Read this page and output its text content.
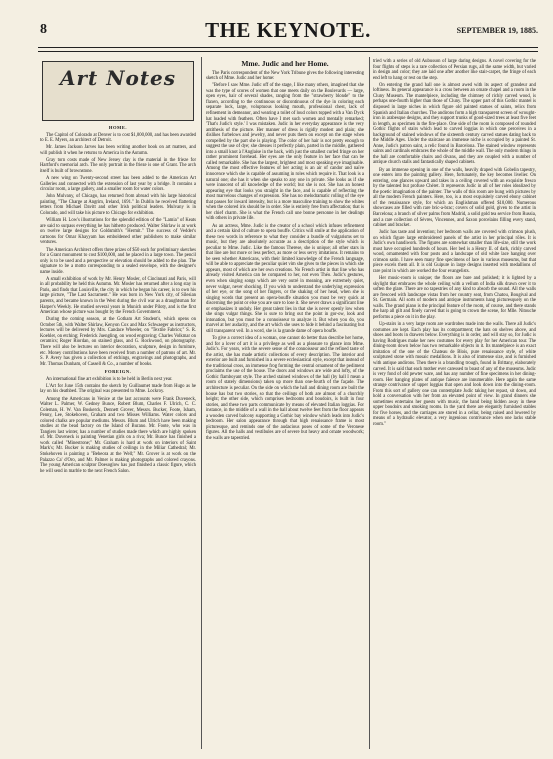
8	THE KEYNOTE.	SEPTEMBER 19, 1885.
Art Notes
HOME.

The Capitol of Colorado at Denver is to cost $1,000,000, and has been awarded to E. E. Myers, an architect of Detroit.

Mr. James Jackson Jarves has been writing another book on art matters, and will publish it when he returns to America in the Autumn.

Gray torn costs made of New Jersey clay is the material in the frieze for Hartford's memorial arch. The only portrait in the frieze is one of Grant. The arch itself is built of brownstone.

A new wing on Twenty-second street has been added to the American Art Galleries and connected with the extension of last year by a bridge. It contains a circular room, a large gallery, and a smaller room for water colors.

John Mulvany, of Chicago, has returned from abroad with his large historical painting, "The Charge at Angrim, Ireland, 1691." In Dublin he received flattering letters from Michael Davitt and other Irish political leaders. Mulvany is in Colorado, and will take his picture to Chicago for exhibition.

William H. Low's illustrations for the splendid edition of the "Lamia" of Keats are said to surpass everything he has hitherto produced. Walter Shirlaw is at work on twelve large designs for Goldsmith's "Hermit." The success of Vedder's cartoons for Omar Khayyam has emboldened other publishers to make similar ventures.

The American Architect offers three prizes of $50 each for preliminary sketches for a Grant monument to cost $100,000, and he placed in a large town. The pencil only is to be used and a perspective or elevation should be added to the plan. The signature to be a motto corresponding to a sealed envelope, with the designer's name inside.

A small exhibition of work by Mr. Henry Mosler, of Cincinnati and Paris, will in all probability be held this Autumn. Mr. Mosler has returned after a long stay in Paris, and finds that Louisville, the city in which he began his career, is to own his large picture, "The Last Sacrament." He was born in New York city, of Silesian parents, and became known in the West during the civil war as a draughtsman for Harper's Weekly. He studied several years in Munich under Piloty, and is the first American whose picture was bought by the French Government.

During the coming season, at the Gotham Art Student's, which opens on October 5th, with Walter Shirlaw, Kenyon Cox and Max Schwaeger as instructors, lectures will be delivered by Mrs. Candace Wheeler, on "Textile Fabrics;" S. R. Koehler, on etching; Frederick Juengling, on wood engraving; Charles Volkmar on ceramics; Roger Riordan, on stained glass, and G. Rockwood, on photography. There will also be lectures on interior decoration, sculpture, design in furniture, etc. Money contributions have been received from a number of patrons of art. Mr. S. P. Avery has given a collection of etchings, engravings and photographs, and Mr. Thomas Dunham, of Cassell & Co., a number of books.

FOREIGN.

An international fine art exhibition is to be held in Berlin next year.

L'Art for June 15th contains the sketch by Guillaumet made from Hugo as he lay on his deathbed. The original was presented to Mme. Lockroy.

Among the Americans in Venice at the last accounts were Frank Duveneck, Walter L. Palmer, W. Gedney Bunce, Robert Blum, Charles F. Ulrich, C. C. Coleman, H. W. Van Boskerck, Dennett Grover, Messrs. Bucker, Foote, Isham, Penny, Lee, Stokehoven, Graham and two Misses Williams. Water colors and colored chalks are popular mediums. Messrs. Blum and Ulrich have been making studies at the bead factory on the Island of Burano. Mr. Foote, who was in Tangiers last winter, has a number of studies made there which are highly spoken of. Mr. Duveneck is painting Venetian girls on a riva; Mr. Bunce has finished a work called "Minestrone;" Mr. Graham is hard at work on interiors of Saint Mark's; Mr. Bucker is making studies of ceilings in the Miliar Cathedral; Mr. Stokehoven is painting a "Beheora at the Well;" Mr. Grover is at work on the Palazzo Ca' d'Oro, and Mr. Palmer is making photographs and colored crayons. The young American sculptor Doesoglow has just finished a classic figure, which he will send in marble to the next French Salon.

Mme. Judic and her Home.

The Paris correspondent of the New York Tribune gives the following interesting sketch of Mme. Judic and her home:

"Before I saw Mme. Judic off of the stage, I like many others, imagined that she was the type of scores of women that one meets daily on the Boulevards — large, open eyes, hair of several shades, ranging from the "strawberry blonde" to the flaxen, according to the continuous or discontinuous of the dye in coloring each separate lock, large, voluptuous looking mouth, professional chest, lack of refinement in demeanor, and wearing a toilet of loud colors topped with a Van Dyck hat loaded with feathers. Often have I met such women and mentally remarked; 'That's Judic's style.' I was mistaken. Judic in her everyday appearance is the very antithesis of the picture. Her manner of dress is rigidly modest and plain; she dislikes furbelows and jewelry, and never puts them on except on the stage when compelled by the part she is playing. The color of her hair is not pretty enough to suggest the use of dye; she dresses it perfectly plain, parted in the middle, gathered into a small knot à l'Anglaise in the back, with just the smallest curled fringe on her rather prominent forehead. Her eyes are the only feature in her face that can be called remarkable. She has the largest, brightest and most speaking eye imaginable. Among the most effective features of her acting is an air of candor and naïve innocence which she is capable of assuming in roles which require it. That look is a natural one; she has it when she speaks to any one in private. She looks as if she were innocent of all knowledge of the world; but she is not. She has an honest appearing eye that looks you straight in the face, and is capable of reflecting the most marvelous changes of expression. She has no melodramatic rolling of the eye that passes for inward intensity, but is a more masculine training to show the whites when the colored iris should be in order. She is entirely free from affectation; that is her chief charm. She is what the French call une bonne personne in her dealings with others in private life.

As an actress, Mme. Judic is the creator of a school which infuses refinement and a certain kind of culture to opera bouffe. Critics will smile at the application of these two words in reference to what they consider a bundle of vulgarisms set to music, but they are absolutely accurate as a description of the style which is peculiar to Mme. Judic. Like the famous Therese, she is unique; all other stars in that line are but more or less perfect, as more or less servy imitations. It remains to be seen whether Americans, with their limited knowledge of the French language, will be able to appreciate the peculiar quiet vim she gives to the pieces in which she appears, most of which are her own creations. No French artist in that line who has already visited America can be compared to her, not even Théo. Judic's gestures, even when singing songs which are very outré in meaning, are extremely quiet, never vulgar, never shocking. If you wish to understand the underlying expression of her eye, or the song of her fingers, or the shaking of her head, when she is singing words that present an opera-bouffe situation you must be very quick at discerning the point or else you are sure to lose it. She never draws a significant line or emphasizes it unduly. Her great talent lies in that she is never openly low when she sings vulgar things. She is sure to bring out the point in gor-ow, look and intonation, but you must be a connoisseur to analyze it. But when you do, you marvel at her audacity, and the art which she uses to hide it behind a fascinating but still transparent veil. In a word, she is la grande dame of opera bouffe.

To give a correct idea of a woman, one cannot do better than describe her home, and for a lover of art it is a privilege as well as a pleasure to glance into Mme. Judic's. For years, with the severe sense of the connoisseur and the refined taste of the artist, she has made artistic collections of every description. The interior and exterior are built and furnished in a severe ecclesiastical style, except that instead of the traditional cross, an immense frog forming the central ornament of the pediment proclaims the use of the house. The doors and windows are wide and lofty, of the Gothic flamboyant style. The arched stained windows of the hall (by hall I mean a room of stately dimensions) taken up more than one-fourth of the façade. The architecture is peculiar. On the side on which the hall and dining room are built the house has but two stories, so that the ceilings of both are almost of a churchly height; the other side, which comprises bedrooms and boudoirs, is built in four stories, and these two parts communicate by means of elevated Italian loggias. For instance, in the middle of a wall in the hall about twelve feet from the floor appears a wooden carved balcony supporting a Gothic bay window which leads into Judic's bedroom. Her salon appearance through that high renaissance frame is most picturesque, and reminds one of the audacious poses of some of the Veronese figures. All the halls and vestibules are of severe but heavy and ornate woodwork; the walls are tapestried.

tried with a series of old Aubusson of large daring designs. A novel covering for the four flights of steps is a rare collection of Persian rugs, all the same width, but varied in design and color; they are laid one after another like stair-carpet, the fringe of each end left to hang or rest on the step.

On entering the grand hall one is almost awed with its aspect of grandeur and loftiness. Its general appearance is a cross between an ornate chapel and a room in the Cluny Museum. The mantelpiece, including the chimney of richly carved wood, is perhaps one-fourth higher than those of Cluny. The upper part of this Gothic mantel is disposed in large niches in which figure old painted statues of saints, relics from Spanish and Italian churches. The andirons form a high transparent screen of wrought-iron in arabesque designs, and they support trunks of good-sized trees at least five feet in length, as specimen in the fire-place. One side of the room is composed of rounded Gothic flights of stairs which lead to carved loggias in which one perceives in a background of stained windows of the sixteenth century carved statues dating back to the Middle Ages. Under the staircase an immense niche is occupied by a painted St. Anne, Judic's patron saint, a relic found in Barcelona. The stained window represents saints and cardinals embraces the whole of the middle wall. The only modern things in the hall are comfortable chairs and divans, and they are coupled with a number of antique church stalls and fantastically shaped cabinets.

By an immense opening in one of the walls, heavily draped with Gobelin tapestry, one enters into the painting gallery. Here, fortunately, the key becomes livelier. On entering, one glances upward and takes in a ceiling covered with an exquisite fresco by the talented but profuse Chéret. It represents Judic in all of her roles idealized by the poetic imagination of the painter. The walls of this room are hung with pictures by all the modern French painters. Here, too, is a most exquisitely carved ebony cabinet of the renaissance style, for which an Englishman offered $10,000. Numerous showcases are filled with rare bric-a-brac; covers of solid gold, given to the artist in Barcelona; a branch of silver palms from Madrid, a solid gold tea service from Russia, and a rare collection of Sèvres, Vincennes, and Saxon porcelains filling every stand, cabinet and bracket.

Judic has taste and invention; her bedroom walls are covered with crimson plush, on which figure large embroidered panels of the artist in her principal rôles. It is Judic's own handiwork. The figures are somewhat smaller than life-size, still the work must have occupied hundreds of hours. Her bed is a Henry II. of dark, richly carved wood, ornamented with four posts and a landscape of old white lace hanging over crimson satin. I have seen many fine specimens of lace in various museums, but that piece excels them all. It is old Guipure in large designs inserted with medallions of rare point in which are worked the four evangelists.

Her music-room is unique; the floors are bare and polished; it is lighted by a skylight that embraces the whole ceiling with a vellum of India silk drawn over it to soften the glare. There are no tapestries of any kind to absorb the sound. All the walls are frescoed with landscape vistas from her country seat, from Chatou, Bougival and St. Germain. All sorts of modern and antique instruments hang picturesquely on the walls. The grand piano is the principal feature of the room, of course, and there stands the harp all gilt and finely carved that is going to crown the scene, for Mlle. Nitouche performs a piece on it in the play.

Up-stairs in a very large room are wardrobes made into the walls. There all Judic's costumes are kept. Each play has its compartment; the hats on shelves above, and shoes and boots in drawers below. Everything is in order, and will stay so, for Judic is having Rodrigues make her new costumes for every play for her American tour. The dining-room down below has two remarkable objects in it. Its mantelpiece is an exact imitation of the one of the Chateau de Blois, pure renaissance style, of white sculptured stone with mosaic medallions. It is also of immense size, and is furnished with antique andirons. Then there is a brandling trough, found in Brittany, elaborately carved. It is said that each mother ever caressed to boast of any of the museums. Judic is very fond of old pewter ware, and has any number of fine specimens in her dining-room. Her hanging plates of antique faïence are innumerable. Here again the same strange contrivance of upper loggias that open and look down into the dining-room. From this sort of gallery one can contemplate Judic taking her repast, sit down, and hold a conversation with her from an elevated point of view. In grand dinners she sometimes entertains her guests with music, the band being hidden away in these upper boudoirs and smoking rooms. In the yard there are elegantly furnished stables for five horses, and the carriages are stored in a cellar, being raised and lowered by means of a hydraulic elevator, a very ingenious contrivance when one lacks stable room."
